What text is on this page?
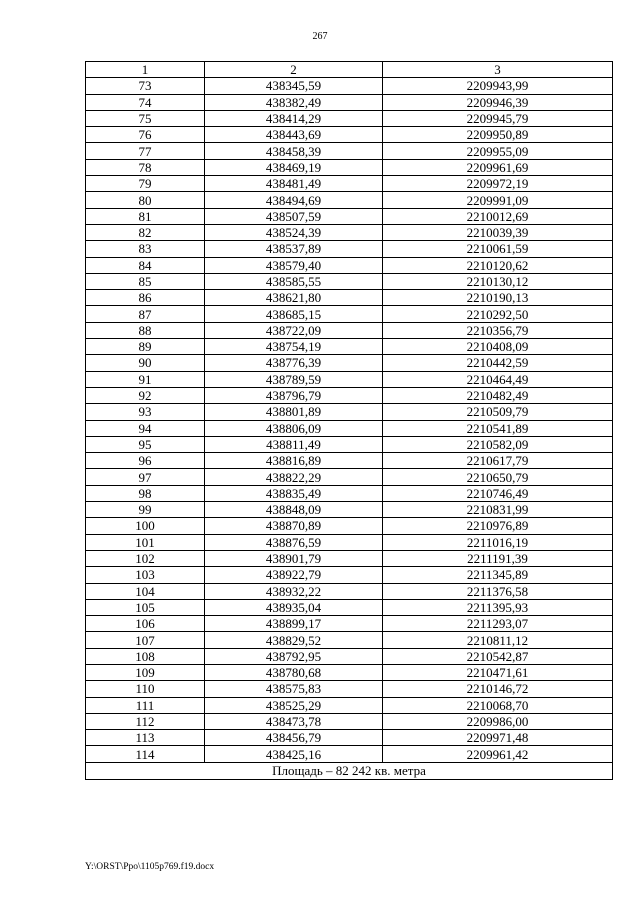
267
1	2	3
73	438345,59	2209943,99
74	438382,49	2209946,39
75	438414,29	2209945,79
76	438443,69	2209950,89
77	438458,39	2209955,09
78	438469,19	2209961,69
79	438481,49	2209972,19
80	438494,69	2209991,09
81	438507,59	2210012,69
82	438524,39	2210039,39
83	438537,89	2210061,59
84	438579,40	2210120,62
85	438585,55	2210130,12
86	438621,80	2210190,13
87	438685,15	2210292,50
88	438722,09	2210356,79
89	438754,19	2210408,09
90	438776,39	2210442,59
91	438789,59	2210464,49
92	438796,79	2210482,49
93	438801,89	2210509,79
94	438806,09	2210541,89
95	438811,49	2210582,09
96	438816,89	2210617,79
97	438822,29	2210650,79
98	438835,49	2210746,49
99	438848,09	2210831,99
100	438870,89	2210976,89
101	438876,59	2211016,19
102	438901,79	2211191,39
103	438922,79	2211345,89
104	438932,22	2211376,58
105	438935,04	2211395,93
106	438899,17	2211293,07
107	438829,52	2210811,12
108	438792,95	2210542,87
109	438780,68	2210471,61
110	438575,83	2210146,72
111	438525,29	2210068,70
112	438473,78	2209986,00
113	438456,79	2209971,48
114	438425,16	2209961,42
Площадь – 82 242 кв. метра		
Y:\ORST\Ppo\1105p769.f19.docx
